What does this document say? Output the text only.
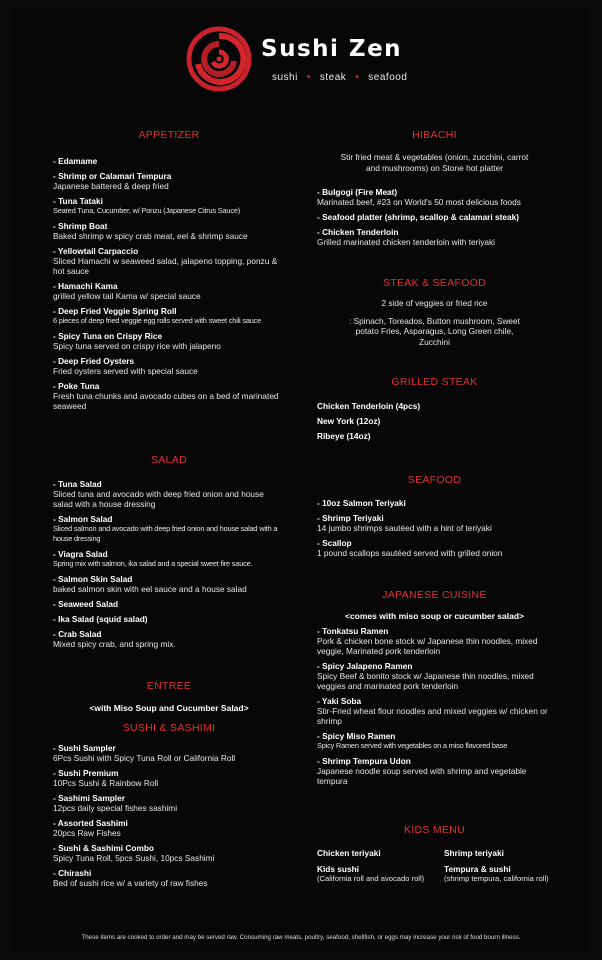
Sushi Zen
sushi • steak • seafood
APPETIZER
- Edamame
- Shrimp or Calamari Tempura
Japanese battered & deep fried
- Tuna Tataki
Seared Tuna, Cucumber, w/ Ponzu (Japanese Citrus Sauce)
- Shrimp Boat
Baked shrimp w spicy crab meat, eel & shrimp sauce
- Yellowtail Carpaccio
Sliced Hamachi w seaweed salad, jalapeno topping, ponzu & hot sauce
- Hamachi Kama
grilled yellow tail Kama w/ special sauce
- Deep Fried Veggie Spring Roll
6 pieces of deep fried veggie egg rolls served with sweet chili sauce
- Spicy Tuna on Crispy Rice
Spicy tuna served on crispy rice with jalapeno
- Deep Fried Oysters
Fried oysters served with special sauce
- Poke Tuna
Fresh tuna chunks and avocado cubes on a bed of marinated seaweed
SALAD
- Tuna Salad
Sliced tuna and avocado with deep fried onion and house salad with a house dressing
- Salmon Salad
Sliced salmon and avocado with deep fried onion and house salad with a house dressing
- Viagra Salad
Spring mix with salmon, ika salad and a special sweet fire sauce.
- Salmon Skin Salad
baked salmon skin with eel sauce and a house salad
- Seaweed Salad
- Ika Salad (squid salad)
- Crab Salad
Mixed spicy crab, and spring mix.
ENTREE
<with Miso Soup and Cucumber Salad>
SUSHI & SASHIMI
- Sushi Sampler
6Pcs Sushi with Spicy Tuna Roll or California Roll
- Sushi Premium
10Pcs Sushi & Rainbow Roll
- Sashimi Sampler
12pcs daily special fishes sashimi
- Assorted Sashimi
20pcs Raw Fishes
- Sushi & Sashimi Combo
Spicy Tuna Roll, 5pcs Sushi, 10pcs Sashimi
- Chirashi
Bed of sushi rice w/ a variety of raw fishes
HIBACHI
Stir fried meat & vegetables (onion, zucchini, carrot and mushrooms) on Stone hot platter
- Bulgogi (Fire Meat)
Marinated beef, #23 on World's 50 most delicious foods
- Seafood platter (shrimp, scallop & calamari steak)
- Chicken Tenderloin
Grilled marinated chicken tenderloin with teriyaki
STEAK & SEAFOOD
2 side of veggies or fried rice
: Spinach, Toreados, Button mushroom, Sweet potato Fries, Asparagus, Long Green chile, Zucchini
GRILLED STEAK
Chicken Tenderloin (4pcs)
New York (12oz)
Ribeye (14oz)
SEAFOOD
- 10oz Salmon Teriyaki
- Shrimp Teriyaki
14 jumbo shrimps sautéed with a hint of teriyaki
- Scallop
1 pound scallops sautéed served with grilled onion
JAPANESE CUISINE
<comes with miso soup or cucumber salad>
- Tonkatsu Ramen
Pork & chicken bone stock w/ Japanese thin noodles, mixed veggie, Marinated pork tenderloin
- Spicy Jalapeno Ramen
Spicy Beef & bonito stock w/ Japanese thin noodles, mixed veggies and marinated pork tenderloin
- Yaki Soba
Stir-Fried wheat flour noodles and mixed veggies w/ chicken or shrimp
- Spicy Miso Ramen
Spicy Ramen served with vegetables on a miso flavored base
- Shrimp Tempura Udon
Japanese noodle soup served with shrimp and vegetable tempura
KIDS MENU
Chicken teriyaki	Shrimp teriyaki
Kids sushi
(California roll and avocado roll)
Tempura & sushi
(shrimp tempura, california roll)
These items are cooked to order and may be served raw. Consuming raw meats, poultry, seafood, shellfish, or eggs may increase your risk of food bourn illness.
